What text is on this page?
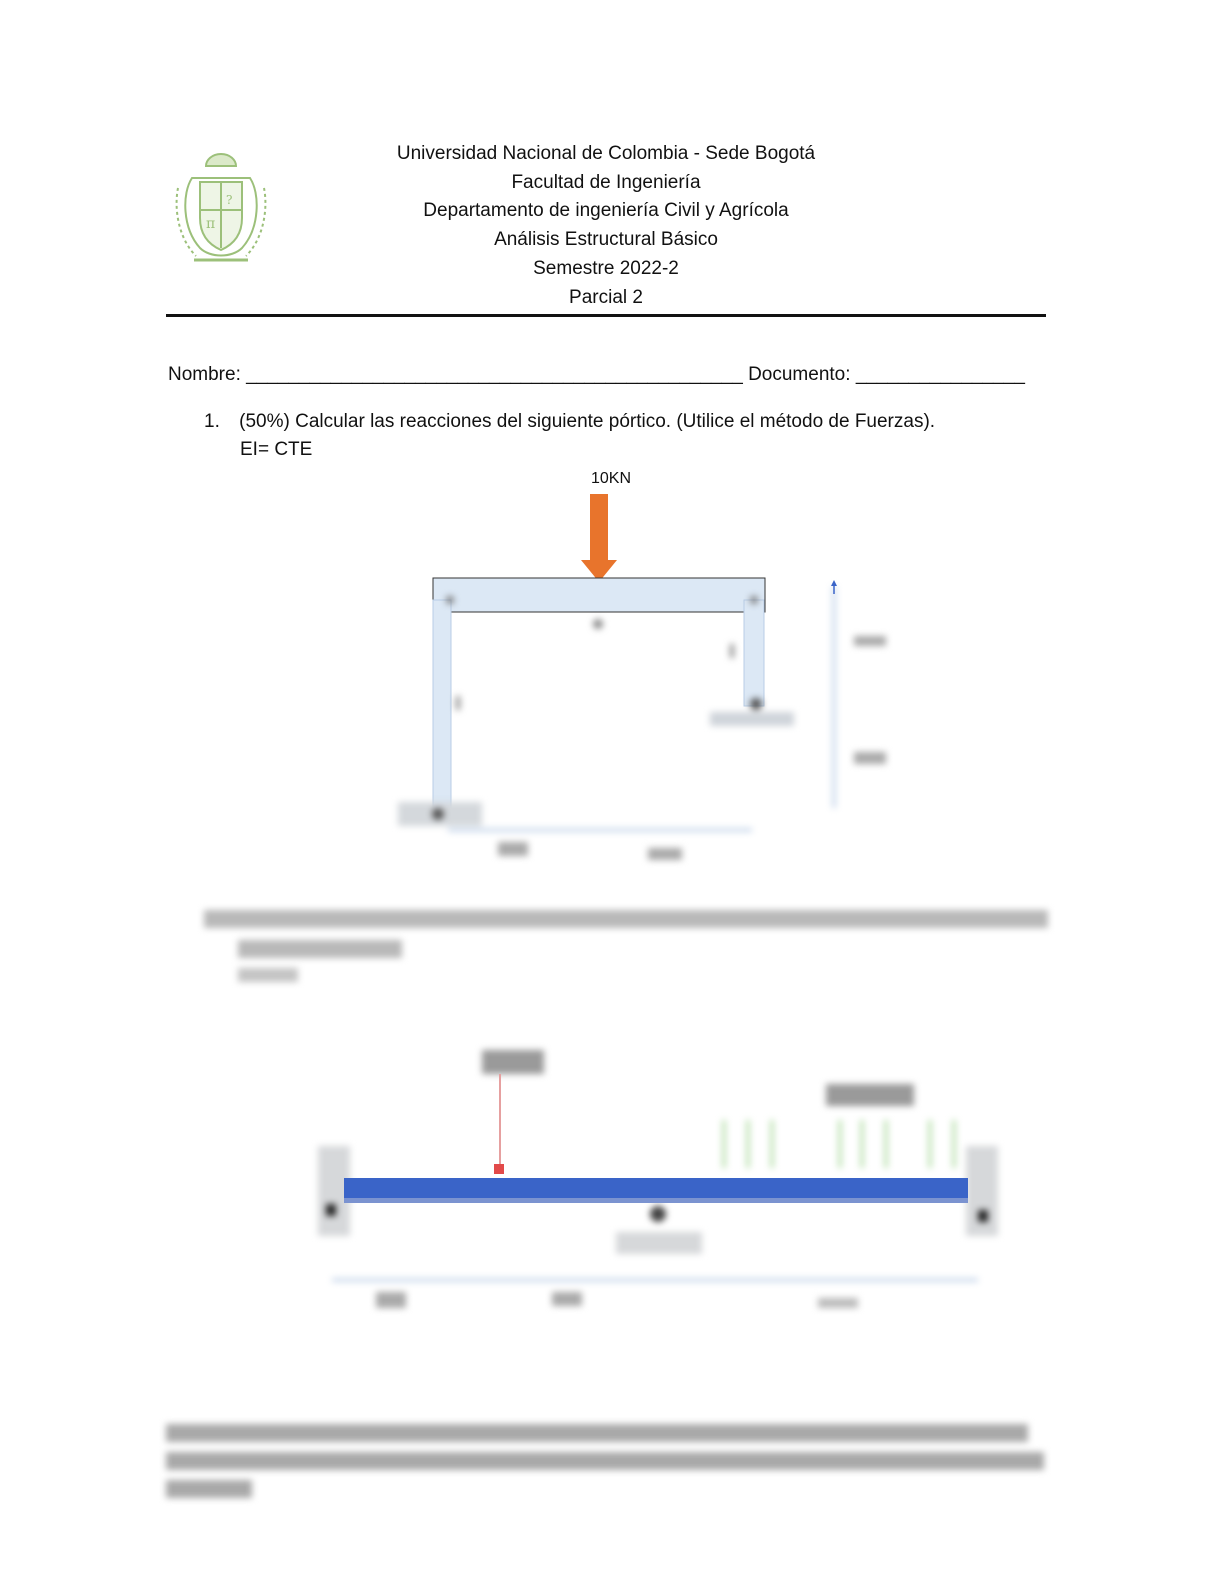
π
?
Universidad Nacional de Colombia - Sede Bogotá
Facultad de Ingeniería
Departamento de ingeniería Civil y Agrícola
Análisis Estructural Básico
Semestre 2022-2
Parcial 2
Nombre: _______________________________________________ Documento: ________________
1. (50%) Calcular las reacciones del siguiente pórtico. (Utilice el método de Fuerzas).
EI= CTE
10KN
